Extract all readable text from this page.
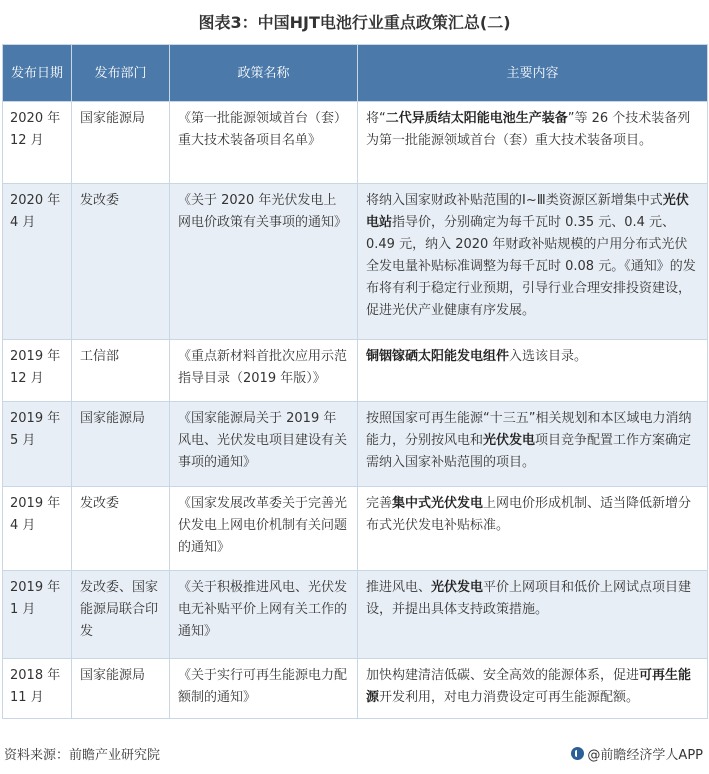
图表3：中国HJT电池行业重点政策汇总(二)
发布日期	发布部门	政策名称	主要内容
2020 年 12 月	国家能源局	《第一批能源领域首台（套）重大技术装备项目名单》	将“二代异质结太阳能电池生产装备”等 26 个技术装备列为第一批能源领域首台（套）重大技术装备项目。
2020 年 4 月	发改委	《关于 2020 年光伏发电上网电价政策有关事项的通知》	将纳入国家财政补贴范围的Ⅰ~Ⅲ类资源区新增集中式光伏电站指导价，分别确定为每千瓦时 0.35 元、0.4 元、0.49 元，纳入 2020 年财政补贴规模的户用分布式光伏全发电量补贴标准调整为每千瓦时 0.08 元。《通知》的发布将有利于稳定行业预期，引导行业合理安排投资建设，促进光伏产业健康有序发展。
2019 年 12 月	工信部	《重点新材料首批次应用示范指导目录（2019 年版）》	铜铟镓硒太阳能发电组件入选该目录。
2019 年 5 月	国家能源局	《国家能源局关于 2019 年风电、光伏发电项目建设有关事项的通知》	按照国家可再生能源“十三五”相关规划和本区域电力消纳能力，分别按风电和光伏发电项目竞争配置工作方案确定需纳入国家补贴范围的项目。
2019 年 4 月	发改委	《国家发展改革委关于完善光伏发电上网电价机制有关问题的通知》	完善集中式光伏发电上网电价形成机制、适当降低新增分布式光伏发电补贴标准。
2019 年 1 月	发改委、国家能源局联合印发	《关于积极推进风电、光伏发电无补贴平价上网有关工作的通知》	推进风电、光伏发电平价上网项目和低价上网试点项目建设，并提出具体支持政策措施。
2018 年 11 月	国家能源局	《关于实行可再生能源电力配额制的通知》	加快构建清洁低碳、安全高效的能源体系，促进可再生能源开发利用，对电力消费设定可再生能源配额。
资料来源：前瞻产业研究院	@前瞻经济学人APP
